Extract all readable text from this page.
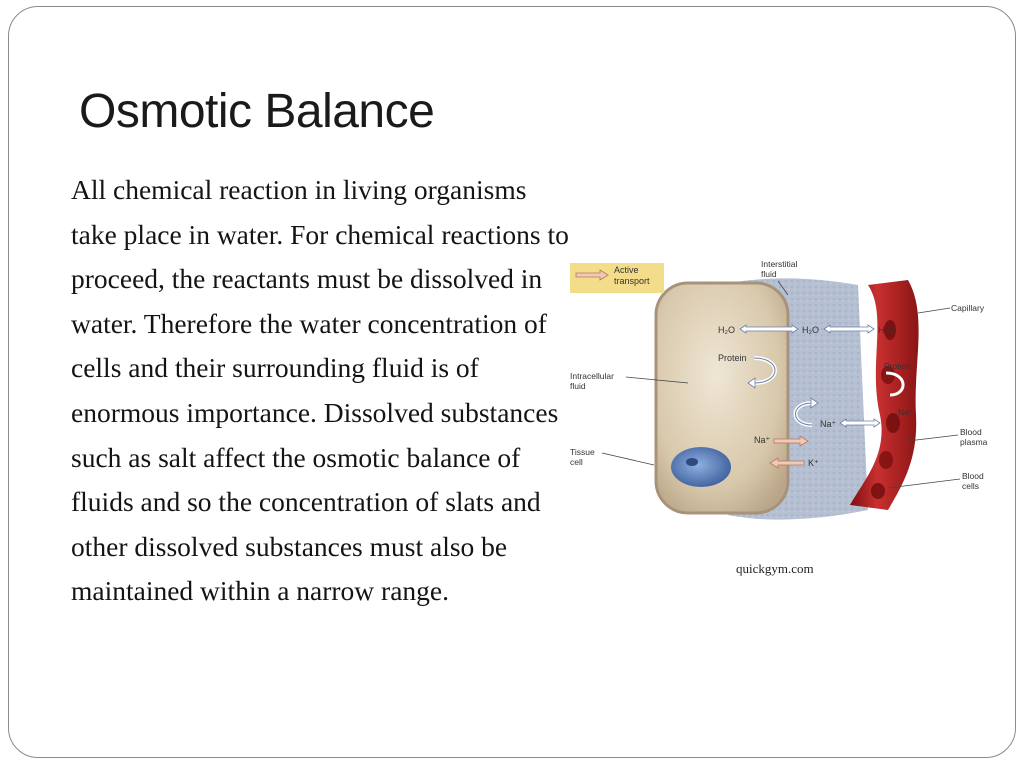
Osmotic Balance

All chemical reaction in living organisms take place in water. For chemical reactions to proceed, the reactants must be dissolved in water. Therefore the water concentration of cells and their surrounding fluid is of enormous importance. Dissolved substances such as salt affect the osmotic balance of fluids and so the concentration of slats and other dissolved substances must also be maintained within a narrow range.

Active
transport
Interstitial
fluid
Capillary
Intracellular
fluid
Tissue
cell
Blood
plasma
Blood
cells
H₂O	H₂O	H₂O
Protein
Protein
Na⁺
Na⁺
Na⁺
K⁺
quickgym.com
